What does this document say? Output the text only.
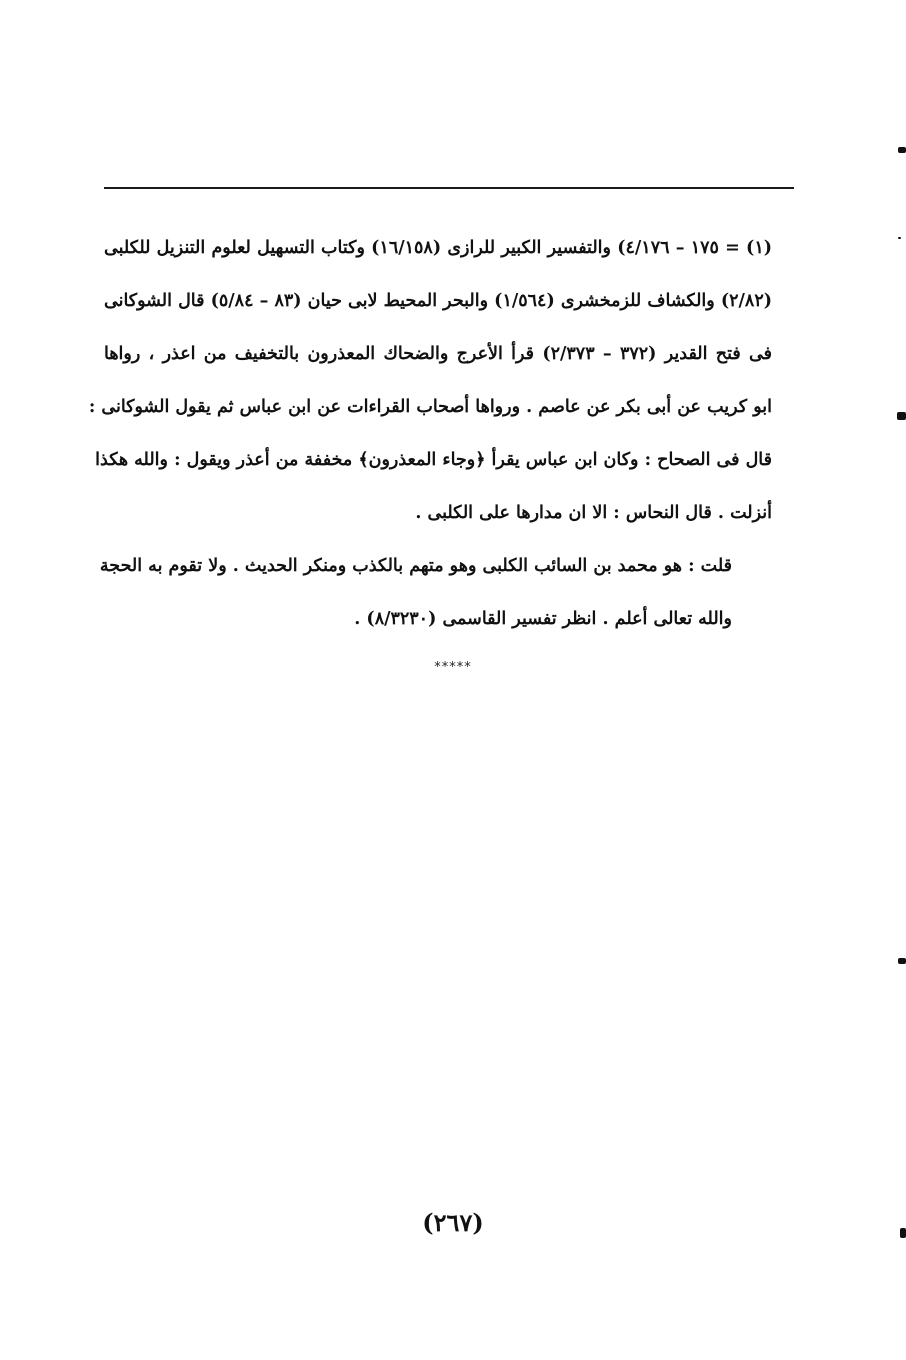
(١) = ١٧٥ – ٤/١٧٦) والتفسير الكبير للرازى (١٦/١٥٨) وكتاب التسهيل لعلوم التنزيل للكلبى
(٢/٨٢) والكشاف للزمخشرى (١/٥٦٤) والبحر المحيط لابى حيان (٨٣ – ٥/٨٤) قال الشوكانى
فى فتح القدير (٣٧٢ – ٢/٣٧٣) قرأ الأعرج والضحاك المعذرون بالتخفيف من اعذر ، رواها
ابو كريب عن أبى بكر عن عاصم . ورواها أصحاب القراءات عن ابن عباس ثم يقول الشوكانى :
قال فى الصحاح : وكان ابن عباس يقرأ ﴿وجاء المعذرون﴾ مخففة من أعذر ويقول : والله هكذا
أنزلت . قال النحاس : الا ان مدارها على الكلبى .
قلت : هو محمد بن السائب الكلبى وهو متهم بالكذب ومنكر الحديث . ولا تقوم به الحجة
والله تعالى أعلم . انظر تفسير القاسمى (٨/٣٢٣٠) .
*****
(٢٦٧)
